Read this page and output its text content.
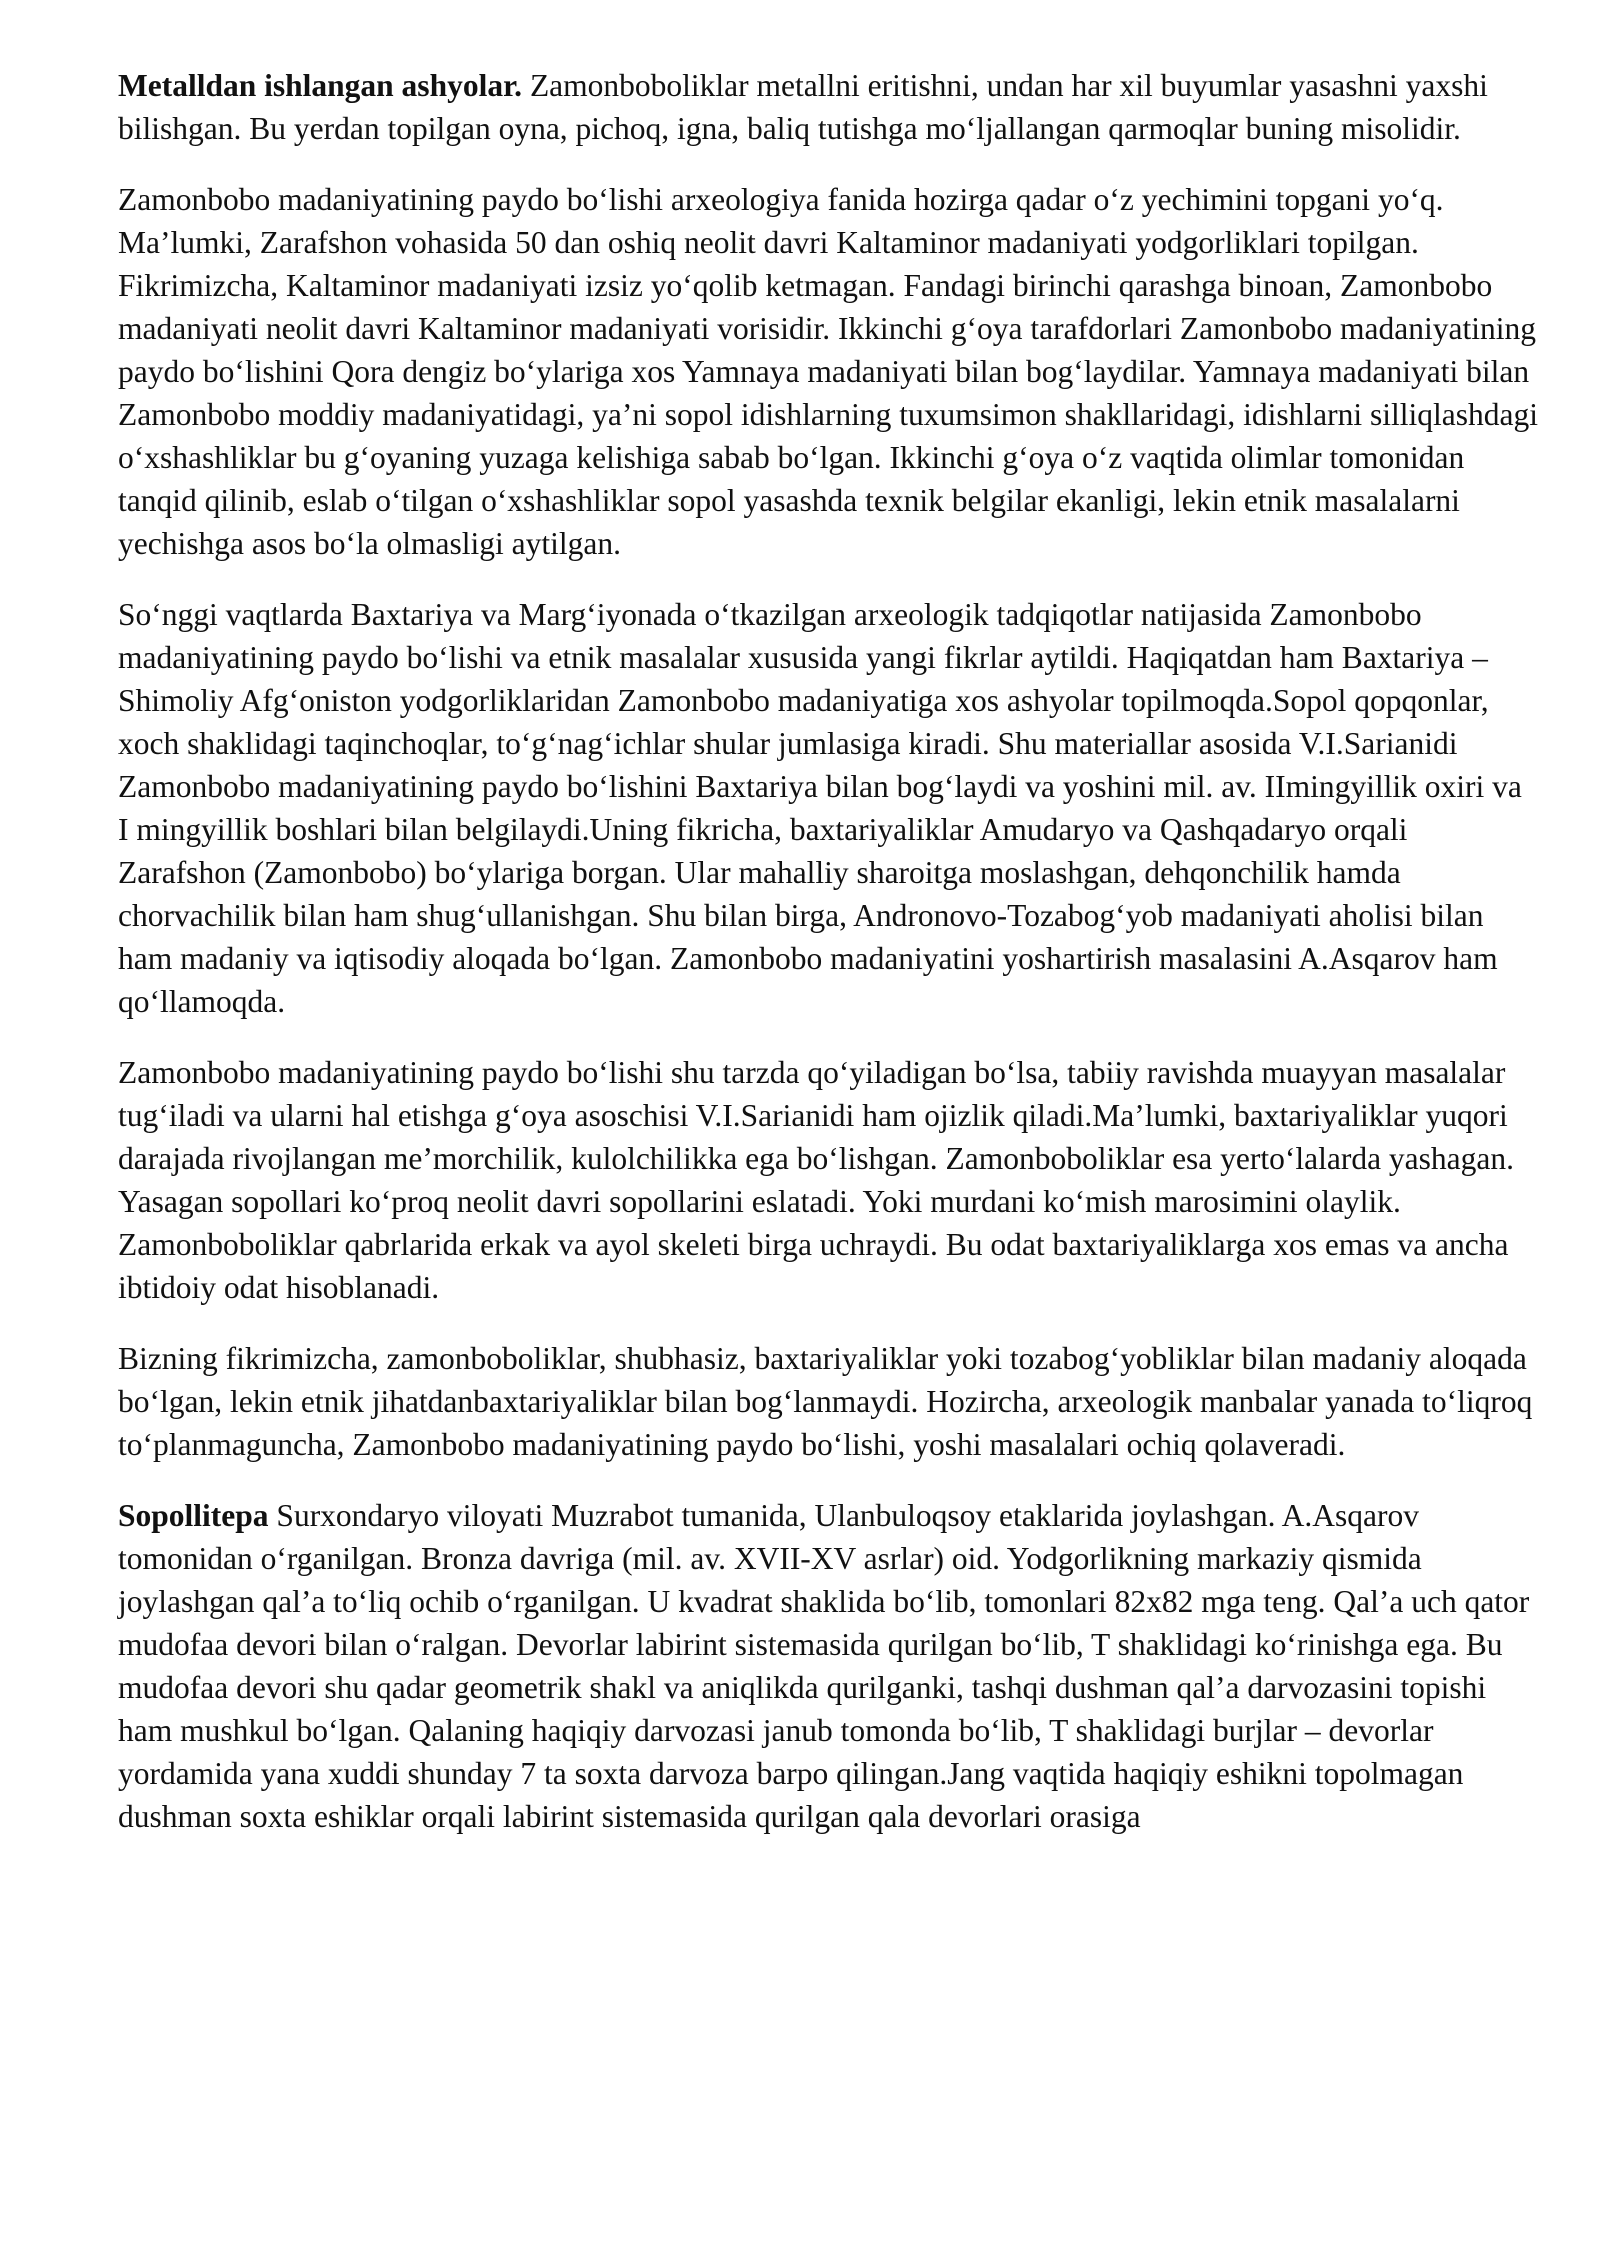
Metalldan ishlangan ashyolar. Zamonboboliklar metallni eritishni, undan har xil buyumlar yasashni yaxshi bilishgan. Bu yerdan topilgan oyna, pichoq, igna, baliq tutishga mo‘ljallangan qarmoqlar buning misolidir.

Zamonbobo madaniyatining paydo bo‘lishi arxeologiya fanida hozirga qadar o‘z yechimini topgani yo‘q. Ma’lumki, Zarafshon vohasida 50 dan oshiq neolit davri Kaltaminor madaniyati yodgorliklari topilgan. Fikrimizcha, Kaltaminor madaniyati izsiz yo‘qolib ketmagan. Fandagi birinchi qarashga binoan, Zamonbobo madaniyati neolit davri Kaltaminor madaniyati vorisidir. Ikkinchi g‘oya tarafdorlari Zamonbobo madaniyatining paydo bo‘lishini Qora dengiz bo‘ylariga xos Yamnaya madaniyati bilan bog‘laydilar. Yamnaya madaniyati bilan Zamonbobo moddiy madaniyatidagi, ya’ni sopol idishlarning tuxumsimon shakllaridagi, idishlarni silliqlashdagi o‘xshashliklar bu g‘oyaning yuzaga kelishiga sabab bo‘lgan. Ikkinchi g‘oya o‘z vaqtida olimlar tomonidan tanqid qilinib, eslab o‘tilgan o‘xshashliklar sopol yasashda texnik belgilar ekanligi, lekin etnik masalalarni yechishga asos bo‘la olmasligi aytilgan.

So‘nggi vaqtlarda Baxtariya va Marg‘iyonada o‘tkazilgan arxeologik tadqiqotlar natijasida Zamonbobo madaniyatining paydo bo‘lishi va etnik masalalar xususida yangi fikrlar aytildi. Haqiqatdan ham Baxtariya – Shimoliy Afg‘oniston yodgorliklaridan Zamonbobo madaniyatiga xos ashyolar topilmoqda.Sopol qopqonlar, xoch shaklidagi taqinchoqlar, to‘g‘nag‘ichlar shular jumlasiga kiradi. Shu materiallar asosida V.I.Sarianidi Zamonbobo madaniyatining paydo bo‘lishini Baxtariya bilan bog‘laydi va yoshini mil. av. IImingyillik oxiri va I mingyillik boshlari bilan belgilaydi.Uning fikricha, baxtariyaliklar Amudaryo va Qashqadaryo orqali Zarafshon (Zamonbobo) bo‘ylariga borgan. Ular mahalliy sharoitga moslashgan, dehqonchilik hamda chorvachilik bilan ham shug‘ullanishgan. Shu bilan birga, Andronovo-Tozabog‘yob madaniyati aholisi bilan ham madaniy va iqtisodiy aloqada bo‘lgan. Zamonbobo madaniyatini yoshartirish masalasini A.Asqarov ham qo‘llamoqda.

Zamonbobo madaniyatining paydo bo‘lishi shu tarzda qo‘yiladigan bo‘lsa, tabiiy ravishda muayyan masalalar tug‘iladi va ularni hal etishga g‘oya asoschisi V.I.Sarianidi ham ojizlik qiladi.Ma’lumki, baxtariyaliklar yuqori darajada rivojlangan me’morchilik, kulolchilikka ega bo‘lishgan. Zamonboboliklar esa yerto‘lalarda yashagan. Yasagan sopollari ko‘proq neolit davri sopollarini eslatadi. Yoki murdani ko‘mish marosimini olaylik. Zamonboboliklar qabrlarida erkak va ayol skeleti birga uchraydi. Bu odat baxtariyaliklarga xos emas va ancha ibtidoiy odat hisoblanadi.

Bizning fikrimizcha, zamonboboliklar, shubhasiz, baxtariyaliklar yoki tozabog‘yobliklar bilan madaniy aloqada bo‘lgan, lekin etnik jihatdanbaxtariyaliklar bilan bog‘lanmaydi. Hozircha, arxeologik manbalar yanada to‘liqroq to‘planmaguncha, Zamonbobo madaniyatining paydo bo‘lishi, yoshi masalalari ochiq qolaveradi.

Sopollitepa Surxondaryo viloyati Muzrabot tumanida, Ulanbuloqsoy etaklarida joylashgan. A.Asqarov tomonidan o‘rganilgan. Bronza davriga (mil. av. XVII-XV asrlar) oid. Yodgorlikning markaziy qismida joylashgan qal’a to‘liq ochib o‘rganilgan. U kvadrat shaklida bo‘lib, tomonlari 82x82 mga teng. Qal’a uch qator mudofaa devori bilan o‘ralgan. Devorlar labirint sistemasida qurilgan bo‘lib, T shaklidagi ko‘rinishga ega. Bu mudofaa devori shu qadar geometrik shakl va aniqlikda qurilganki, tashqi dushman qal’a darvozasini topishi ham mushkul bo‘lgan. Qalaning haqiqiy darvozasi janub tomonda bo‘lib, T shaklidagi burjlar – devorlar yordamida yana xuddi shunday 7 ta soxta darvoza barpo qilingan.Jang vaqtida haqiqiy eshikni topolmagan dushman soxta eshiklar orqali labirint sistemasida qurilgan qala devorlari orasiga
